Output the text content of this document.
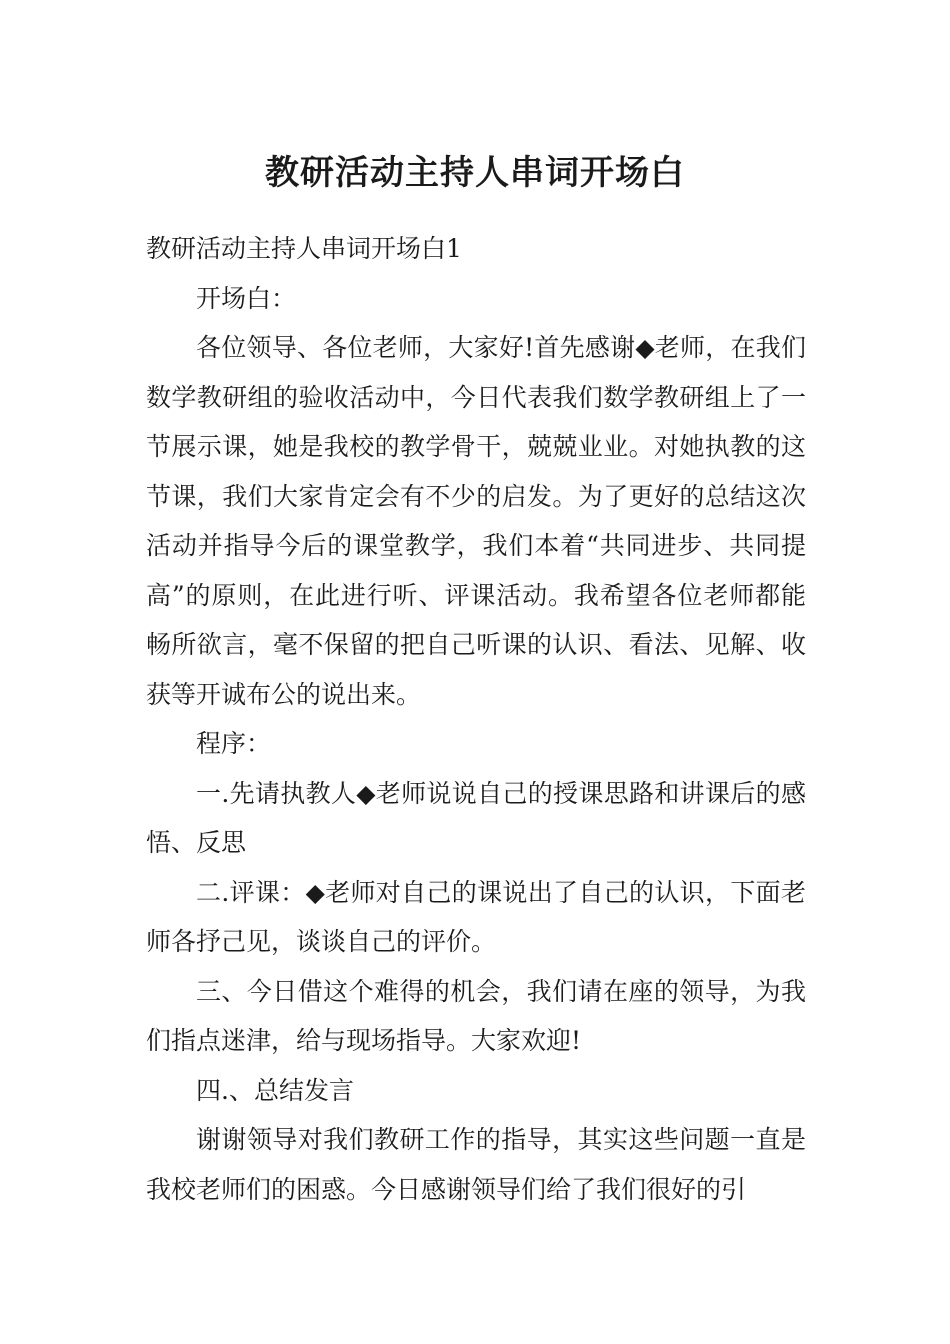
教研活动主持人串词开场白

教研活动主持人串词开场白1

开场白：

各位领导、各位老师，大家好!首先感谢◆老师，在我们数学教研组的验收活动中，今日代表我们数学教研组上了一节展示课，她是我校的教学骨干，兢兢业业。对她执教的这节课，我们大家肯定会有不少的启发。为了更好的总结这次活动并指导今后的课堂教学，我们本着“共同进步、共同提高”的原则，在此进行听、评课活动。我希望各位老师都能畅所欲言，毫不保留的把自己听课的认识、看法、见解、收获等开诚布公的说出来。

程序：

一.先请执教人◆老师说说自己的授课思路和讲课后的感悟、反思

二.评课：◆老师对自己的课说出了自己的认识，下面老师各抒己见，谈谈自己的评价。

三、今日借这个难得的机会，我们请在座的领导，为我们指点迷津，给与现场指导。大家欢迎!

四.、总结发言

谢谢领导对我们教研工作的指导，其实这些问题一直是我校老师们的困惑。今日感谢领导们给了我们很好的引
